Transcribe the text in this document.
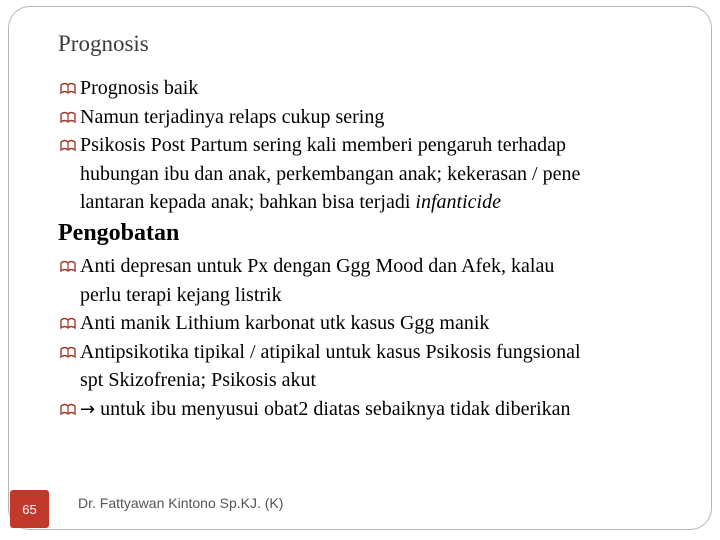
Prognosis
Prognosis baik
Namun terjadinya relaps cukup sering
Psikosis Post Partum sering kali memberi pengaruh terhadap
hubungan ibu dan anak, perkembangan anak; kekerasan / pene
lantaran kepada anak; bahkan bisa terjadi infanticide
Pengobatan
Anti depresan untuk Px dengan Ggg Mood dan Afek, kalau
perlu terapi kejang listrik
Anti manik Lithium karbonat utk kasus Ggg manik
Antipsikotika tipikal / atipikal untuk kasus Psikosis fungsional
spt Skizofrenia; Psikosis akut
→ untuk ibu menyusui obat2 diatas sebaiknya tidak diberikan
65	Dr. Fattyawan Kintono Sp.KJ. (K)
